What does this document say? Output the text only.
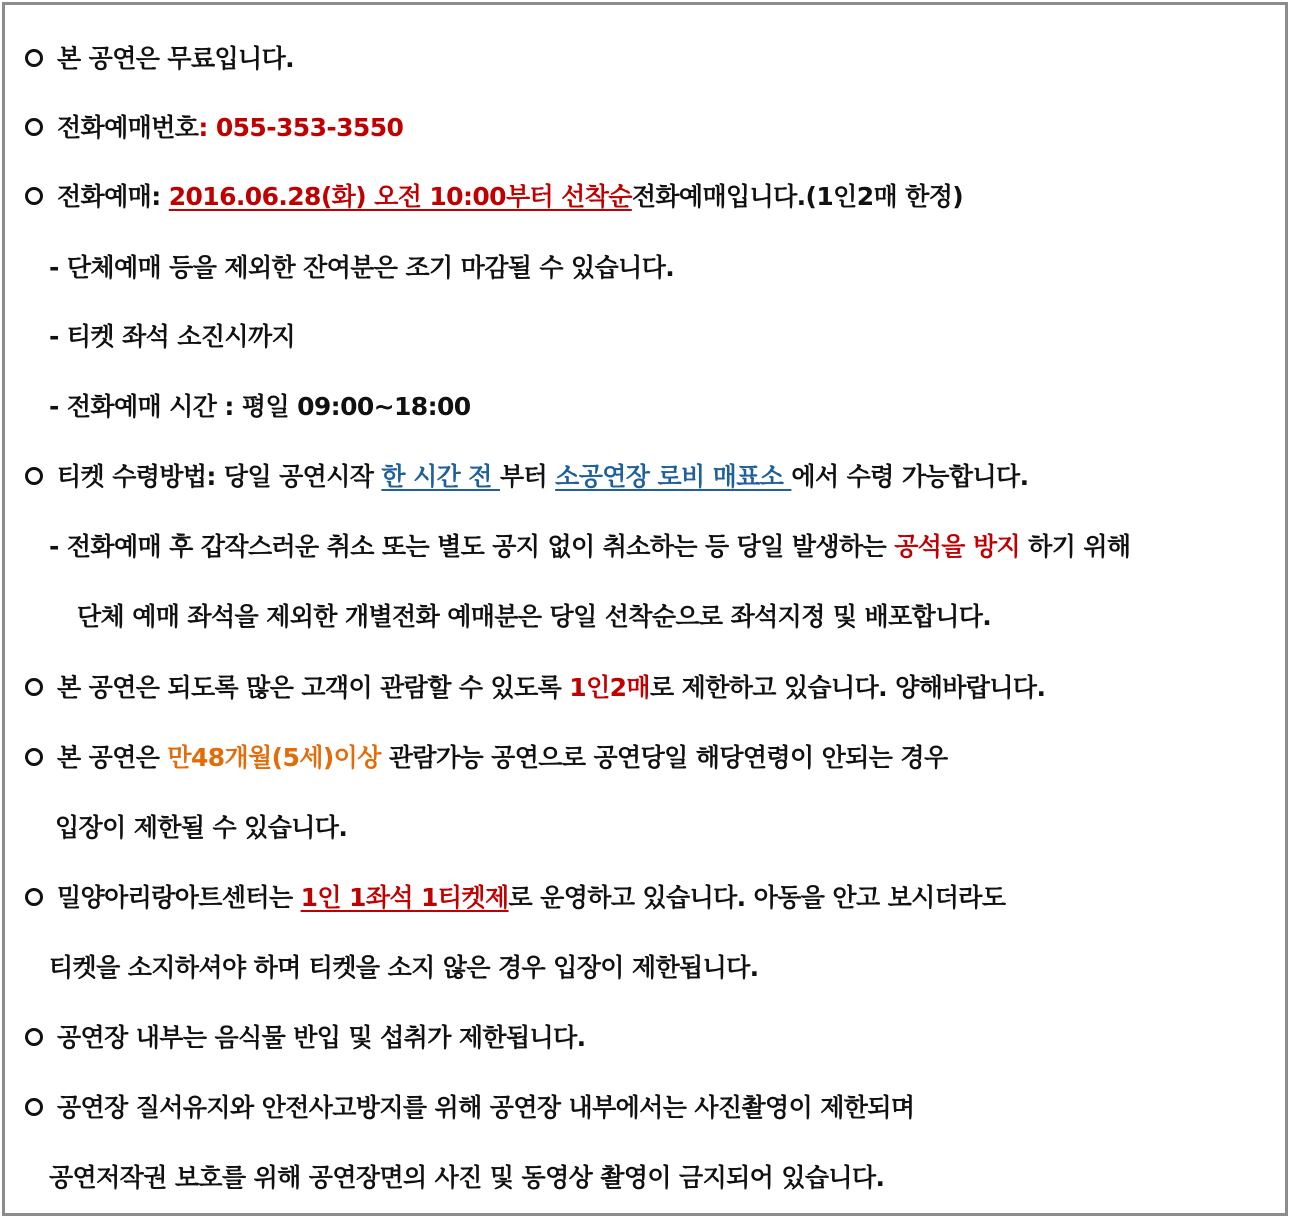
본 공연은 무료입니다.
전화예매번호: 055-353-3550
전화예매: 2016.06.28(화) 오전 10:00부터 선착순전화예매입니다.(1인2매 한정)
- 단체예매 등을 제외한 잔여분은 조기 마감될 수 있습니다.
- 티켓 좌석 소진시까지
- 전화예매 시간 : 평일 09:00~18:00
티켓 수령방법: 당일 공연시작 한 시간 전 부터 소공연장 로비 매표소 에서 수령 가능합니다.
- 전화예매 후 갑작스러운 취소 또는 별도 공지 없이 취소하는 등 당일 발생하는 공석을 방지 하기 위해
단체 예매 좌석을 제외한 개별전화 예매분은 당일 선착순으로 좌석지정 및 배포합니다.
본 공연은 되도록 많은 고객이 관람할 수 있도록 1인2매로 제한하고 있습니다. 양해바랍니다.
본 공연은 만48개월(5세)이상 관람가능 공연으로 공연당일 해당연령이 안되는 경우
입장이 제한될 수 있습니다.
밀양아리랑아트센터는 1인 1좌석 1티켓제로 운영하고 있습니다. 아동을 안고 보시더라도
티켓을 소지하셔야 하며 티켓을 소지 않은 경우 입장이 제한됩니다.
공연장 내부는 음식물 반입 및 섭취가 제한됩니다.
공연장 질서유지와 안전사고방지를 위해 공연장 내부에서는 사진촬영이 제한되며
공연저작권 보호를 위해 공연장면의 사진 및 동영상 촬영이 금지되어 있습니다.
